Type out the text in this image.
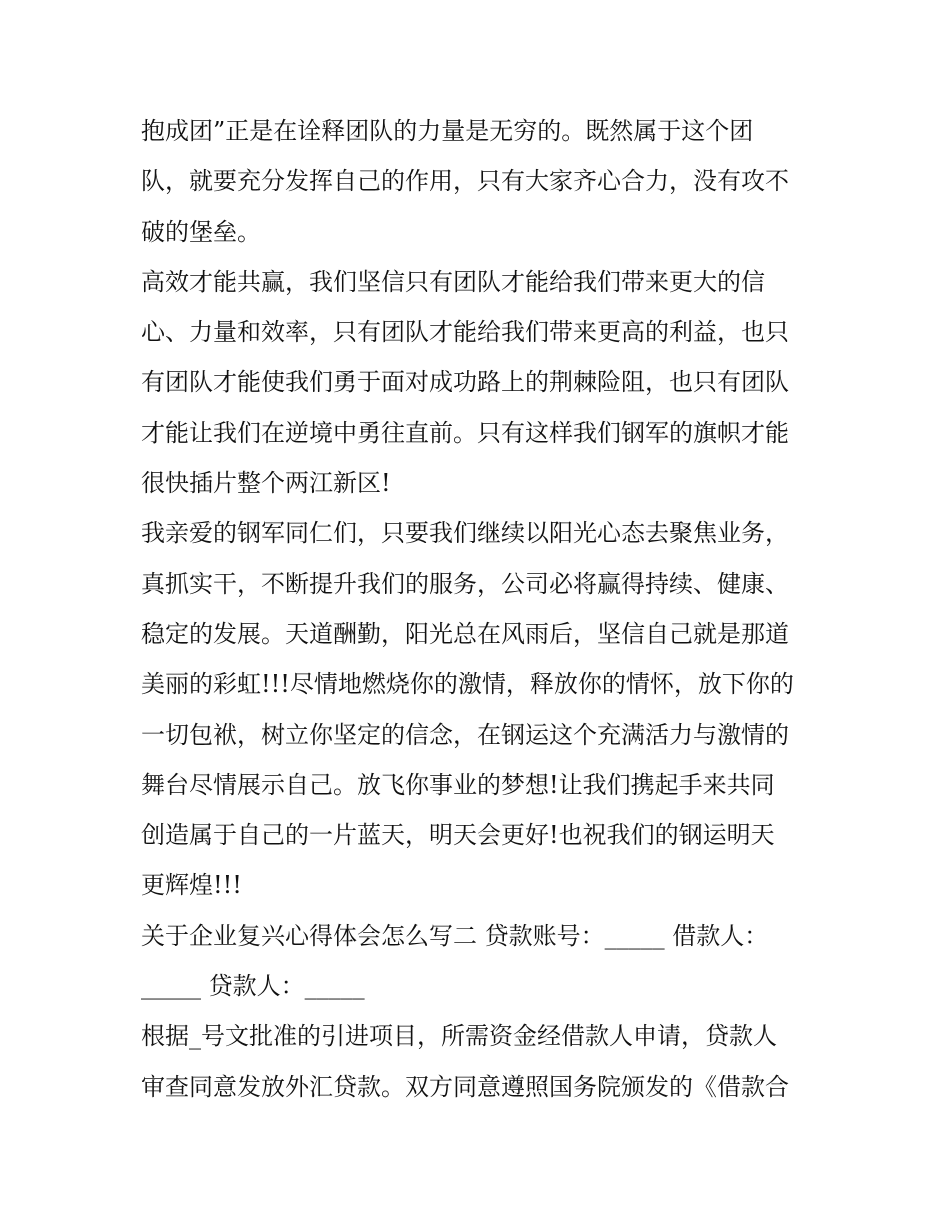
抱成团”正是在诠释团队的力量是无穷的。既然属于这个团
队，就要充分发挥自己的作用，只有大家齐心合力，没有攻不
破的堡垒。
高效才能共赢，我们坚信只有团队才能给我们带来更大的信
心、力量和效率，只有团队才能给我们带来更高的利益，也只
有团队才能使我们勇于面对成功路上的荆棘险阻，也只有团队
才能让我们在逆境中勇往直前。只有这样我们钢军的旗帜才能
很快插片整个两江新区!
我亲爱的钢军同仁们，只要我们继续以阳光心态去聚焦业务，
真抓实干，不断提升我们的服务，公司必将赢得持续、健康、
稳定的发展。天道酬勤，阳光总在风雨后，坚信自己就是那道
美丽的彩虹!!!尽情地燃烧你的激情，释放你的情怀，放下你的
一切包袱，树立你坚定的信念，在钢运这个充满活力与激情的
舞台尽情展示自己。放飞你事业的梦想!让我们携起手来共同
创造属于自己的一片蓝天，明天会更好!也祝我们的钢运明天
更辉煌!!!
关于企业复兴心得体会怎么写二 贷款账号：_____ 借款人：
_____ 贷款人：_____
根据_号文批准的引进项目，所需资金经借款人申请，贷款人
审查同意发放外汇贷款。双方同意遵照国务院颁发的《借款合
